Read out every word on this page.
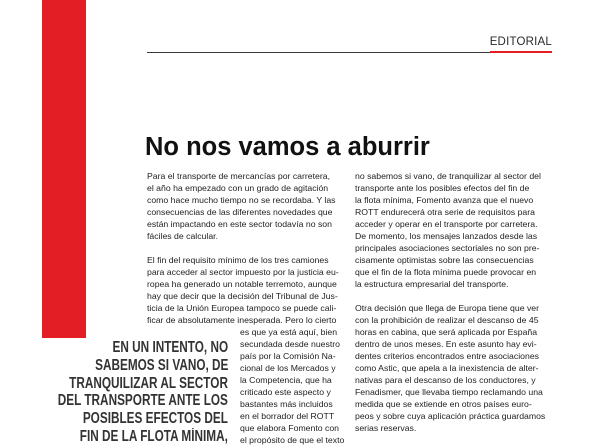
EDITORIAL
No nos vamos a aburrir
Para el transporte de mercancías por carretera,
el año ha empezado con un grado de agitación
como hace mucho tiempo no se recordaba. Y las
consecuencias de las diferentes novedades que
están impactando en este sector todavía no son
fáciles de calcular.
El fin del requisito mínimo de los tres camiones
para acceder al sector impuesto por la justicia eu-
ropea ha generado un notable terremoto, aunque
hay que decir que la decisión del Tribunal de Jus-
ticia de la Unión Europea tampoco se puede cali-
ficar de absolutamente inesperada. Pero lo cierto
es que ya está aquí, bien
secundada desde nuestro
país por la Comisión Na-
cional de los Mercados y
la Competencia, que ha
criticado este aspecto y
bastantes más incluidos
en el borrador del ROTT
que elabora Fomento con
el propósito de que el texto
no sabemos si vano, de tranquilizar al sector del
transporte ante los posibles efectos del fin de
la flota mínima, Fomento avanza que el nuevo
ROTT endurecerá otra serie de requisitos para
acceder y operar en el transporte por carretera.
De momento, los mensajes lanzados desde las
principales asociaciones sectoriales no son pre-
cisamente optimistas sobre las consecuencias
que el fin de la flota mínima puede provocar en
la estructura empresarial del transporte.
Otra decisión que llega de Europa tiene que ver
con la prohibición de realizar el descanso de 45
horas en cabina, que será aplicada por España
dentro de unos meses. En este asunto hay evi-
dentes criterios encontrados entre asociaciones
como Astic, que apela a la inexistencia de alter-
nativas para el descanso de los conductores, y
Fenadismer, que llevaba tiempo reclamando una
medida que se extiende en otros países euro-
peos y sobre cuya aplicación práctica guardamos
serias reservas.
EN UN INTENTO, NO
SABEMOS SI VANO, DE
TRANQUILIZAR AL SECTOR
DEL TRANSPORTE ANTE LOS
POSIBLES EFECTOS DEL
FIN DE LA FLOTA MÍNIMA,
